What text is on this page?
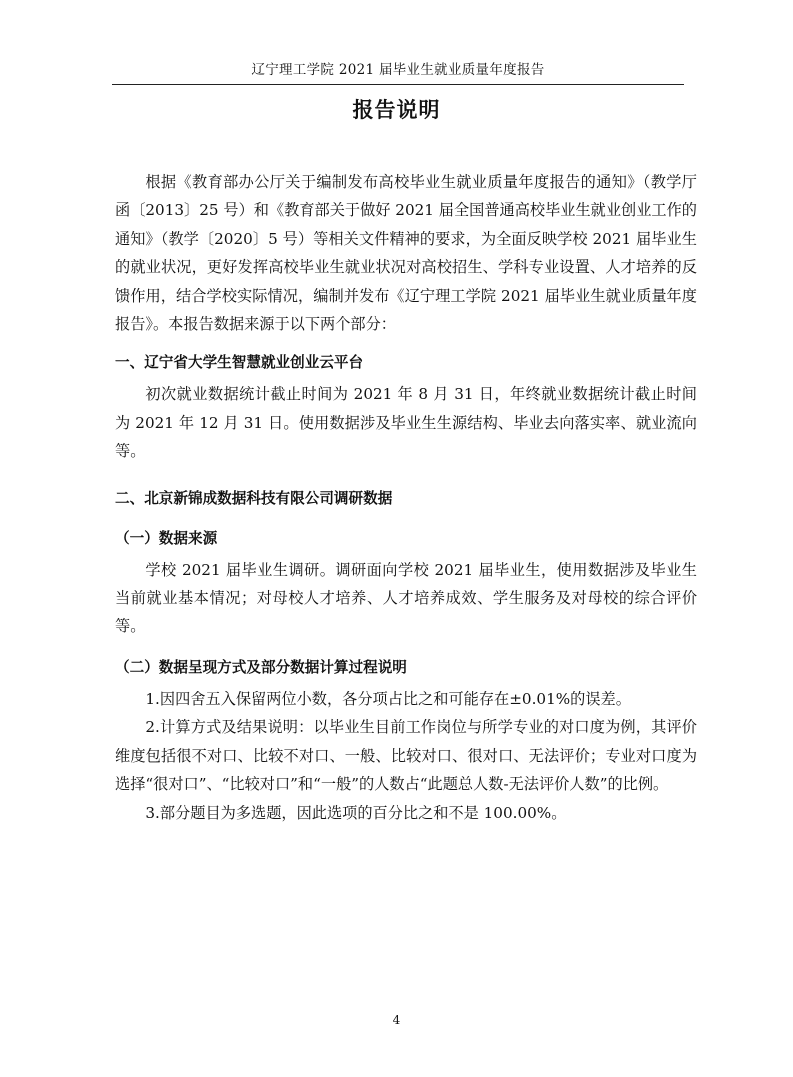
辽宁理工学院 2021 届毕业生就业质量年度报告
报告说明

根据《教育部办公厅关于编制发布高校毕业生就业质量年度报告的通知》（教学厅函〔2013〕25 号）和《教育部关于做好 2021 届全国普通高校毕业生就业创业工作的通知》（教学〔2020〕5 号）等相关文件精神的要求，为全面反映学校 2021 届毕业生的就业状况，更好发挥高校毕业生就业状况对高校招生、学科专业设置、人才培养的反馈作用，结合学校实际情况，编制并发布《辽宁理工学院 2021 届毕业生就业质量年度报告》。本报告数据来源于以下两个部分：

一、辽宁省大学生智慧就业创业云平台

初次就业数据统计截止时间为 2021 年 8 月 31 日，年终就业数据统计截止时间为 2021 年 12 月 31 日。使用数据涉及毕业生生源结构、毕业去向落实率、就业流向等。

二、北京新锦成数据科技有限公司调研数据
（一）数据来源

学校 2021 届毕业生调研。调研面向学校 2021 届毕业生，使用数据涉及毕业生当前就业基本情况；对母校人才培养、人才培养成效、学生服务及对母校的综合评价等。

（二）数据呈现方式及部分数据计算过程说明

1.因四舍五入保留两位小数，各分项占比之和可能存在±0.01%的误差。

2.计算方式及结果说明：以毕业生目前工作岗位与所学专业的对口度为例，其评价维度包括很不对口、比较不对口、一般、比较对口、很对口、无法评价；专业对口度为选择“很对口”、“比较对口”和“一般”的人数占“此题总人数-无法评价人数”的比例。

3.部分题目为多选题，因此选项的百分比之和不是 100.00%。

4
